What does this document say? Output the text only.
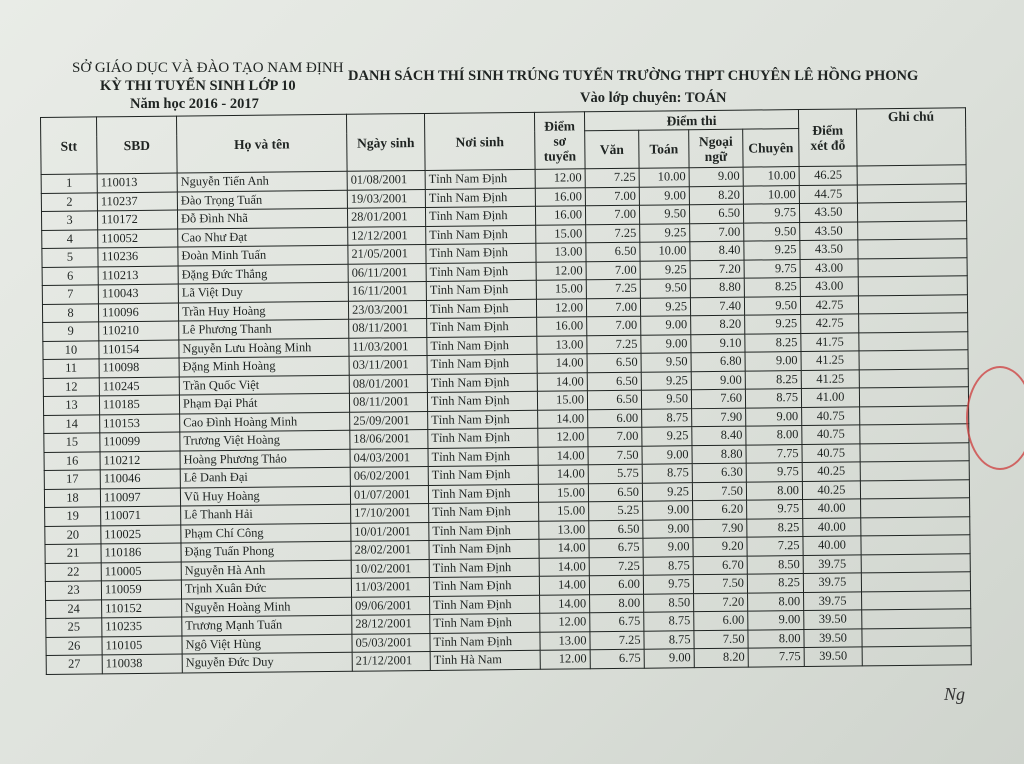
SỞ GIÁO DỤC VÀ ĐÀO TẠO NAM ĐỊNH
KỲ THI TUYỂN SINH LỚP 10
Năm học 2016 - 2017
DANH SÁCH THÍ SINH TRÚNG TUYỂN TRƯỜNG THPT CHUYÊN LÊ HỒNG PHONG
Vào lớp chuyên: TOÁN
Stt	SBD	Họ và tên	Ngày sinh	Nơi sinh	Điểm sơ tuyển	Điểm thi				Điểm xét đỗ	Ghi chú
						Văn	Toán	Ngoại ngữ	Chuyên		
1	110013	Nguyễn Tiến Anh	01/08/2001	Tỉnh Nam Định	12.00	7.25	10.00	9.00	10.00	46.25	
2	110237	Đào Trọng Tuấn	19/03/2001	Tỉnh Nam Định	16.00	7.00	9.00	8.20	10.00	44.75	
3	110172	Đỗ Đình Nhã	28/01/2001	Tỉnh Nam Định	16.00	7.00	9.50	6.50	9.75	43.50	
4	110052	Cao Như Đạt	12/12/2001	Tỉnh Nam Định	15.00	7.25	9.25	7.00	9.50	43.50	
5	110236	Đoàn Minh Tuấn	21/05/2001	Tỉnh Nam Định	13.00	6.50	10.00	8.40	9.25	43.50	
6	110213	Đặng Đức Thắng	06/11/2001	Tỉnh Nam Định	12.00	7.00	9.25	7.20	9.75	43.00	
7	110043	Lã Việt Duy	16/11/2001	Tỉnh Nam Định	15.00	7.25	9.50	8.80	8.25	43.00	
8	110096	Trần Huy Hoàng	23/03/2001	Tỉnh Nam Định	12.00	7.00	9.25	7.40	9.50	42.75	
9	110210	Lê Phương Thanh	08/11/2001	Tỉnh Nam Định	16.00	7.00	9.00	8.20	9.25	42.75	
10	110154	Nguyễn Lưu Hoàng Minh	11/03/2001	Tỉnh Nam Định	13.00	7.25	9.00	9.10	8.25	41.75	
11	110098	Đặng Minh Hoàng	03/11/2001	Tỉnh Nam Định	14.00	6.50	9.50	6.80	9.00	41.25	
12	110245	Trần Quốc Việt	08/01/2001	Tỉnh Nam Định	14.00	6.50	9.25	9.00	8.25	41.25	
13	110185	Phạm Đại Phát	08/11/2001	Tỉnh Nam Định	15.00	6.50	9.50	7.60	8.75	41.00	
14	110153	Cao Đình Hoàng Minh	25/09/2001	Tỉnh Nam Định	14.00	6.00	8.75	7.90	9.00	40.75	
15	110099	Trương Việt Hoàng	18/06/2001	Tỉnh Nam Định	12.00	7.00	9.25	8.40	8.00	40.75	
16	110212	Hoàng Phương Thảo	04/03/2001	Tỉnh Nam Định	14.00	7.50	9.00	8.80	7.75	40.75	
17	110046	Lê Danh Đại	06/02/2001	Tỉnh Nam Định	14.00	5.75	8.75	6.30	9.75	40.25	
18	110097	Vũ Huy Hoàng	01/07/2001	Tỉnh Nam Định	15.00	6.50	9.25	7.50	8.00	40.25	
19	110071	Lê Thanh Hải	17/10/2001	Tỉnh Nam Định	15.00	5.25	9.00	6.20	9.75	40.00	
20	110025	Phạm Chí Công	10/01/2001	Tỉnh Nam Định	13.00	6.50	9.00	7.90	8.25	40.00	
21	110186	Đặng Tuấn Phong	28/02/2001	Tỉnh Nam Định	14.00	6.75	9.00	9.20	7.25	40.00	
22	110005	Nguyễn Hà Anh	10/02/2001	Tỉnh Nam Định	14.00	7.25	8.75	6.70	8.50	39.75	
23	110059	Trịnh Xuân Đức	11/03/2001	Tỉnh Nam Định	14.00	6.00	9.75	7.50	8.25	39.75	
24	110152	Nguyễn Hoàng Minh	09/06/2001	Tỉnh Nam Định	14.00	8.00	8.50	7.20	8.00	39.75	
25	110235	Trương Mạnh Tuấn	28/12/2001	Tỉnh Nam Định	12.00	6.75	8.75	6.00	9.00	39.50	
26	110105	Ngô Việt Hùng	05/03/2001	Tỉnh Nam Định	13.00	7.25	8.75	7.50	8.00	39.50	
27	110038	Nguyễn Đức Duy	21/12/2001	Tỉnh Hà Nam	12.00	6.75	9.00	8.20	7.75	39.50	
Ng
